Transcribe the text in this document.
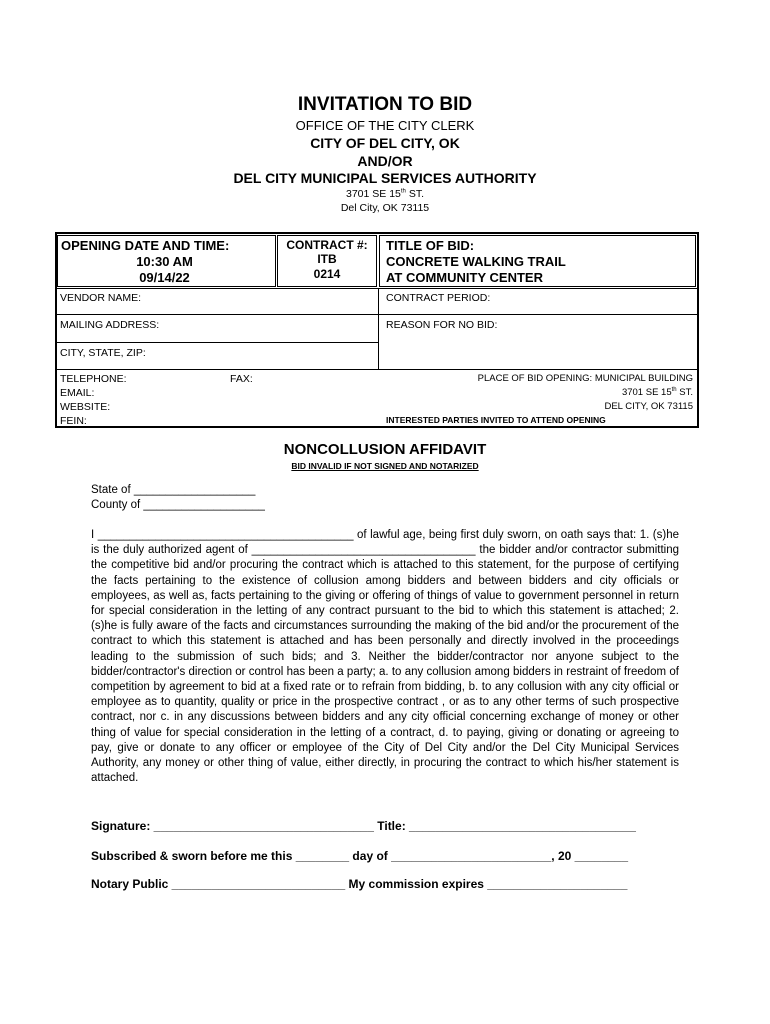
INVITATION TO BID
OFFICE OF THE CITY CLERK
CITY OF DEL CITY, OK
AND/OR
DEL CITY MUNICIPAL SERVICES AUTHORITY
3701 SE 15th ST.
Del City, OK 73115
OPENING DATE AND TIME:
10:30 AM
09/14/22
CONTRACT #:
ITB
0214
TITLE OF BID:
CONCRETE WALKING TRAIL
AT COMMUNITY CENTER
VENDOR NAME:	CONTRACT PERIOD:
MAILING ADDRESS:	REASON FOR NO BID:
CITY, STATE, ZIP:
TELEPHONE:	FAX:
EMAIL:
WEBSITE:
FEIN:
PLACE OF BID OPENING: MUNICIPAL BUILDING
3701 SE 15th ST.
DEL CITY, OK 73115
INTERESTED PARTIES INVITED TO ATTEND OPENING
NONCOLLUSION AFFIDAVIT
BID INVALID IF NOT SIGNED AND NOTARIZED
State of ___________________
County of ___________________
I ________________________________________ of lawful age, being first duly sworn, on oath says that: 1. (s)he is the duly authorized agent of ___________________________________ the bidder and/or contractor submitting the competitive bid and/or procuring the contract which is attached to this statement, for the purpose of certifying the facts pertaining to the existence of collusion among bidders and between bidders and city officials or employees, as well as, facts pertaining to the giving or offering of things of value to government personnel in return for special consideration in the letting of any contract pursuant to the bid to which this statement is attached; 2. (s)he is fully aware of the facts and circumstances surrounding the making of the bid and/or the procurement of the contract to which this statement is attached and has been personally and directly involved in the proceedings leading to the submission of such bids; and 3. Neither the bidder/contractor nor anyone subject to the bidder/contractor's direction or control has been a party; a. to any collusion among bidders in restraint of freedom of competition by agreement to bid at a fixed rate or to refrain from bidding, b. to any collusion with any city official or employee as to quantity, quality or price in the prospective contract , or as to any other terms of such prospective contract, nor c. in any discussions between bidders and any city official concerning exchange of money or other thing of value for special consideration in the letting of a contract, d. to paying, giving or donating or agreeing to pay, give or donate to any officer or employee of the City of Del City and/or the Del City Municipal Services Authority, any money or other thing of value, either directly, in procuring the contract to which his/her statement is attached.
Signature: _________________________________ Title: __________________________________
Subscribed & sworn before me this ________ day of ________________________, 20 ________
Notary Public __________________________ My commission expires _____________________
